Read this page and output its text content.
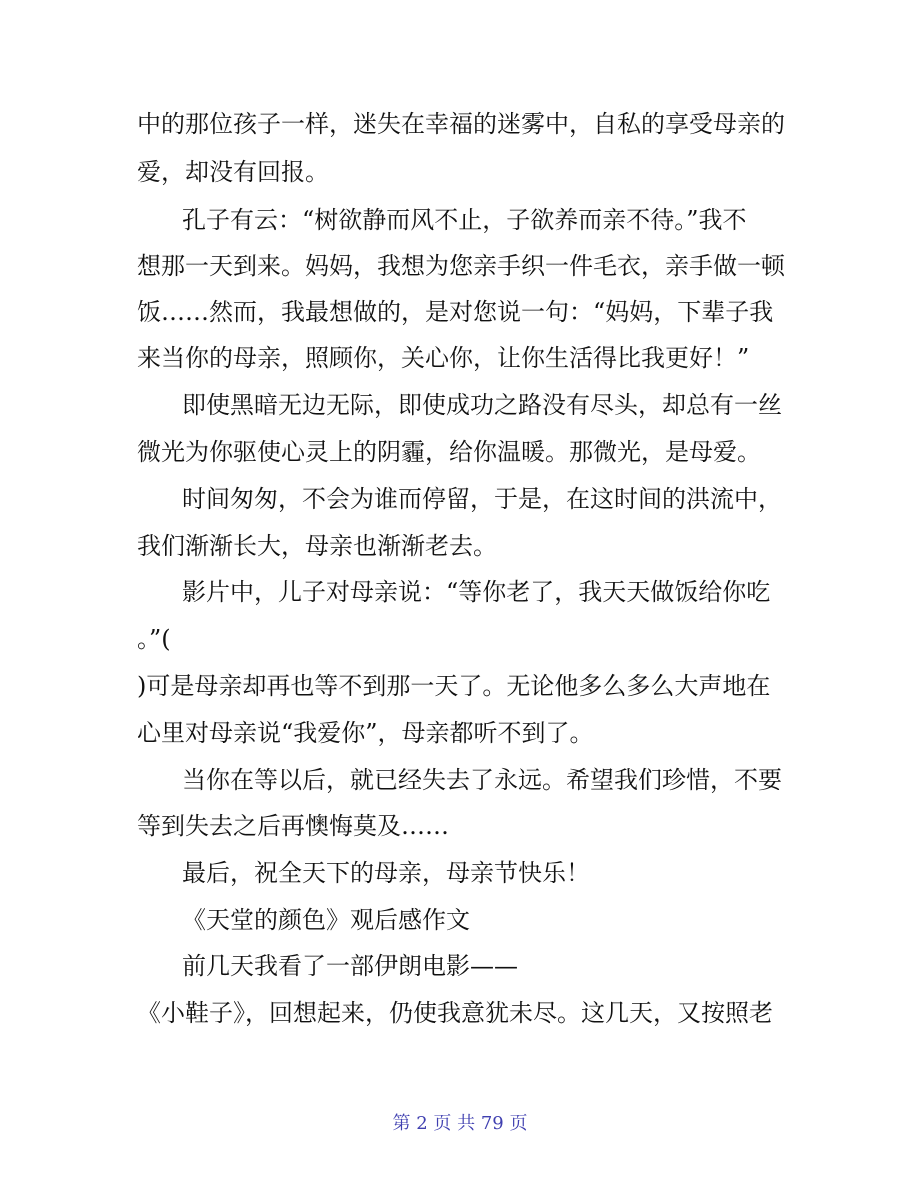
中的那位孩子一样，迷失在幸福的迷雾中，自私的享受母亲的
爱，却没有回报。
孔子有云：“树欲静而风不止，子欲养而亲不待。”我不
想那一天到来。妈妈，我想为您亲手织一件毛衣，亲手做一顿
饭……然而，我最想做的，是对您说一句：“妈妈，下辈子我
来当你的母亲，照顾你，关心你，让你生活得比我更好！”
即使黑暗无边无际，即使成功之路没有尽头，却总有一丝
微光为你驱使心灵上的阴霾，给你温暖。那微光，是母爱。
时间匆匆，不会为谁而停留，于是，在这时间的洪流中，
我们渐渐长大，母亲也渐渐老去。
影片中，儿子对母亲说：“等你老了，我天天做饭给你吃
。”(
)可是母亲却再也等不到那一天了。无论他多么多么大声地在
心里对母亲说“我爱你”，母亲都听不到了。
当你在等以后，就已经失去了永远。希望我们珍惜，不要
等到失去之后再懊悔莫及……
最后，祝全天下的母亲，母亲节快乐！
《天堂的颜色》观后感作文
前几天我看了一部伊朗电影——
《小鞋子》，回想起来，仍使我意犹未尽。这几天，又按照老
第 2 页 共 79 页
